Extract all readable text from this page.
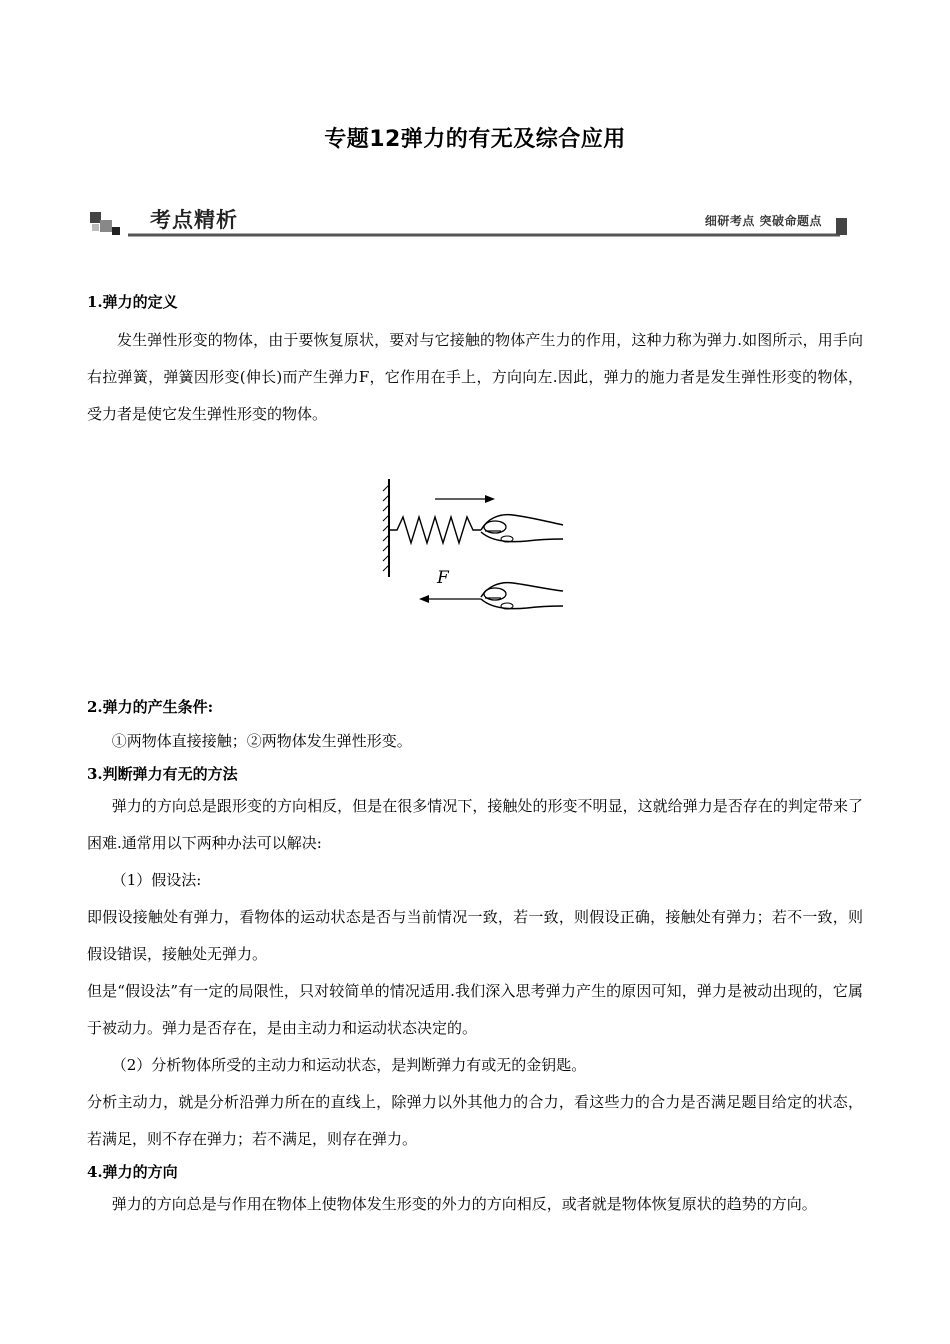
专题12弹力的有无及综合应用
考点精析	细研考点 突破命题点
1.弹力的定义
发生弹性形变的物体，由于要恢复原状，要对与它接触的物体产生力的作用，这种力称为弹力.如图所示，用手向右拉弹簧，弹簧因形变(伸长)而产生弹力F，它作用在手上，方向向左.因此，弹力的施力者是发生弹性形变的物体，受力者是使它发生弹性形变的物体。
F
2.弹力的产生条件:
①两物体直接接触；②两物体发生弹性形变。
3.判断弹力有无的方法
弹力的方向总是跟形变的方向相反，但是在很多情况下，接触处的形变不明显，这就给弹力是否存在的判定带来了困难.通常用以下两种办法可以解决:
（1）假设法:
即假设接触处有弹力，看物体的运动状态是否与当前情况一致，若一致，则假设正确，接触处有弹力；若不一致，则假设错误，接触处无弹力。
但是“假设法”有一定的局限性，只对较简单的情况适用.我们深入思考弹力产生的原因可知，弹力是被动出现的，它属于被动力。弹力是否存在，是由主动力和运动状态决定的。
（2）分析物体所受的主动力和运动状态，是判断弹力有或无的金钥匙。
分析主动力，就是分析沿弹力所在的直线上，除弹力以外其他力的合力，看这些力的合力是否满足题目给定的状态，若满足，则不存在弹力；若不满足，则存在弹力。
4.弹力的方向
弹力的方向总是与作用在物体上使物体发生形变的外力的方向相反，或者就是物体恢复原状的趋势的方向。
